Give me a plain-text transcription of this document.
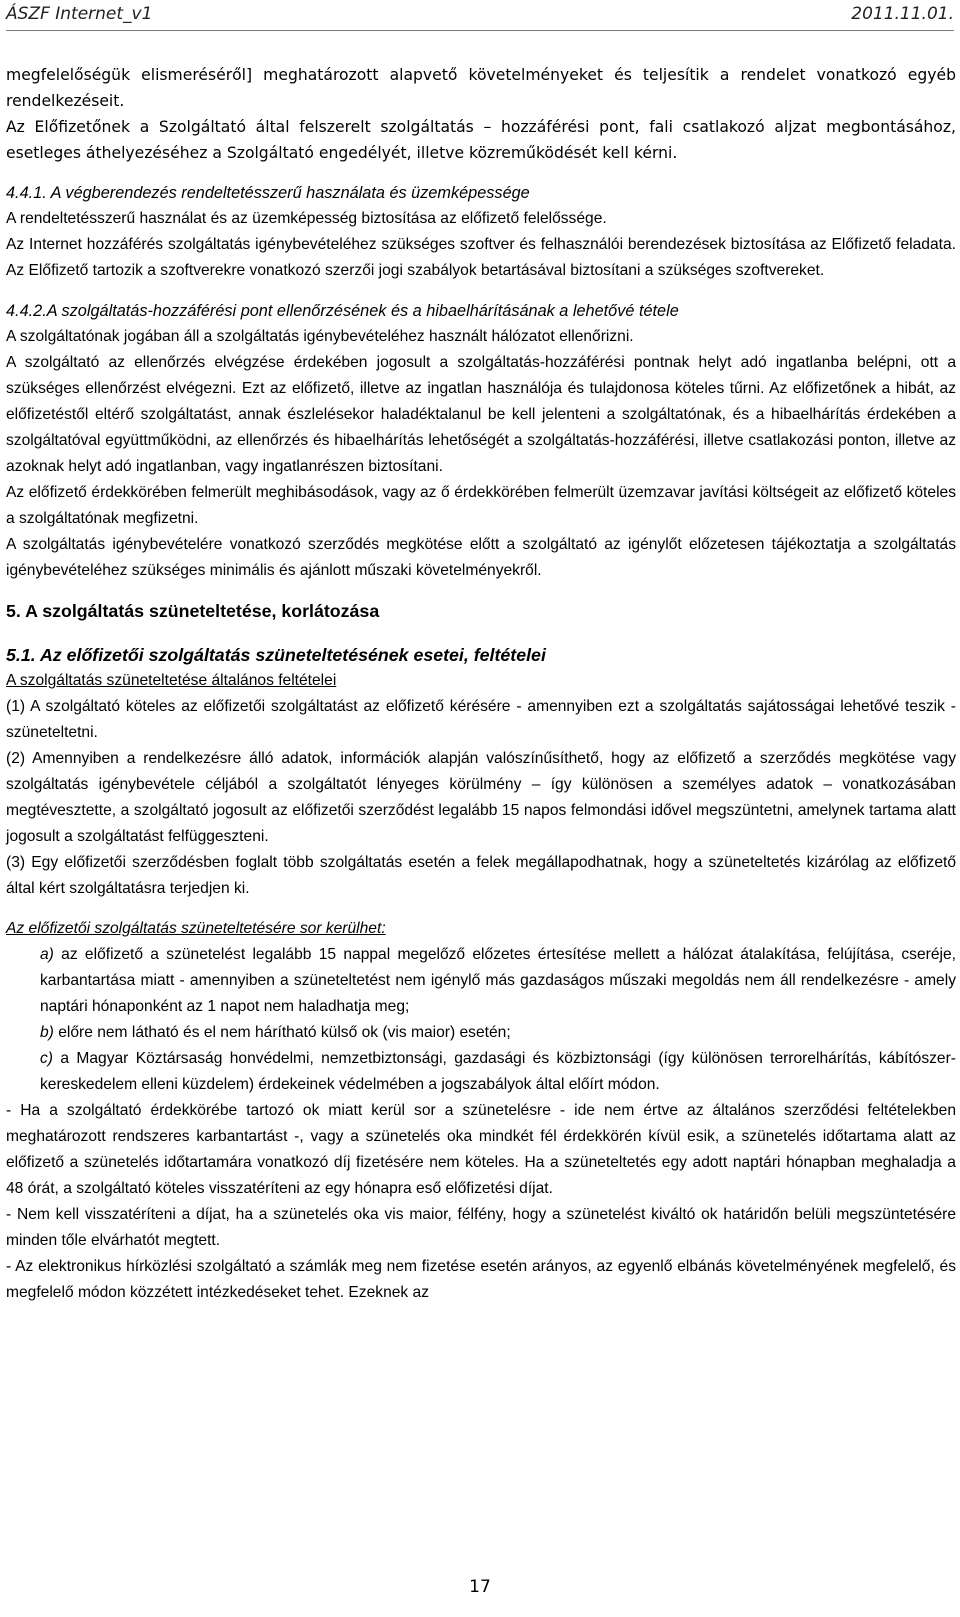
ÁSZF Internet_v1	2011.11.01.

megfelelőségük elismeréséről] meghatározott alapvető követelményeket és teljesítik a rendelet vonatkozó egyéb rendelkezéseit.

Az Előfizetőnek a Szolgáltató által felszerelt szolgáltatás – hozzáférési pont, fali csatlakozó aljzat megbontásához, esetleges áthelyezéséhez a Szolgáltató engedélyét, illetve közreműködését kell kérni.

4.4.1. A végberendezés rendeltetésszerű használata és üzemképessége

A rendeltetésszerű használat és az üzemképesség biztosítása az előfizető felelőssége.

Az Internet hozzáférés szolgáltatás igénybevételéhez szükséges szoftver és felhasználói berendezések biztosítása az Előfizető feladata. Az Előfizető tartozik a szoftverekre vonatkozó szerzői jogi szabályok betartásával biztosítani a szükséges szoftvereket.

4.4.2.A szolgáltatás-hozzáférési pont ellenőrzésének és a hibaelhárításának a lehetővé tétele

A szolgáltatónak jogában áll a szolgáltatás igénybevételéhez használt hálózatot ellenőrizni.

A szolgáltató az ellenőrzés elvégzése érdekében jogosult a szolgáltatás-hozzáférési pontnak helyt adó ingatlanba belépni, ott a szükséges ellenőrzést elvégezni. Ezt az előfizető, illetve az ingatlan használója és tulajdonosa köteles tűrni. Az előfizetőnek a hibát, az előfizetéstől eltérő szolgáltatást, annak észlelésekor haladéktalanul be kell jelenteni a szolgáltatónak, és a hibaelhárítás érdekében a szolgáltatóval együttműködni, az ellenőrzés és hibaelhárítás lehetőségét a szolgáltatás-hozzáférési, illetve csatlakozási ponton, illetve az azoknak helyt adó ingatlanban, vagy ingatlanrészen biztosítani.

Az előfizető érdekkörében felmerült meghibásodások, vagy az ő érdekkörében felmerült üzemzavar javítási költségeit az előfizető köteles a szolgáltatónak megfizetni.

A szolgáltatás igénybevételére vonatkozó szerződés megkötése előtt a szolgáltató az igénylőt előzetesen tájékoztatja a szolgáltatás igénybevételéhez szükséges minimális és ajánlott műszaki követelményekről.

5. A szolgáltatás szüneteltetése, korlátozása

5.1. Az előfizetői szolgáltatás szüneteltetésének esetei, feltételei

A szolgáltatás szüneteltetése általános feltételei

(1) A szolgáltató köteles az előfizetői szolgáltatást az előfizető kérésére - amennyiben ezt a szolgáltatás sajátosságai lehetővé teszik - szüneteltetni.

(2) Amennyiben a rendelkezésre álló adatok, információk alapján valószínűsíthető, hogy az előfizető a szerződés megkötése vagy szolgáltatás igénybevétele céljából a szolgáltatót lényeges körülmény – így különösen a személyes adatok – vonatkozásában megtévesztette, a szolgáltató jogosult az előfizetői szerződést legalább 15 napos felmondási idővel megszüntetni, amelynek tartama alatt jogosult a szolgáltatást felfüggeszteni.

(3) Egy előfizetői szerződésben foglalt több szolgáltatás esetén a felek megállapodhatnak, hogy a szüneteltetés kizárólag az előfizető által kért szolgáltatásra terjedjen ki.

Az előfizetői szolgáltatás szüneteltetésére sor kerülhet:

a) az előfizető a szünetelést legalább 15 nappal megelőző előzetes értesítése mellett a hálózat átalakítása, felújítása, cseréje, karbantartása miatt - amennyiben a szüneteltetést nem igénylő más gazdaságos műszaki megoldás nem áll rendelkezésre - amely naptári hónaponként az 1 napot nem haladhatja meg;

b) előre nem látható és el nem hárítható külső ok (vis maior) esetén;

c) a Magyar Köztársaság honvédelmi, nemzetbiztonsági, gazdasági és közbiztonsági (így különösen terrorelhárítás, kábítószer-kereskedelem elleni küzdelem) érdekeinek védelmében a jogszabályok által előírt módon.

- Ha a szolgáltató érdekkörébe tartozó ok miatt kerül sor a szünetelésre - ide nem értve az általános szerződési feltételekben meghatározott rendszeres karbantartást -, vagy a szünetelés oka mindkét fél érdekkörén kívül esik, a szünetelés időtartama alatt az előfizető a szünetelés időtartamára vonatkozó díj fizetésére nem köteles. Ha a szüneteltetés egy adott naptári hónapban meghaladja a 48 órát, a szolgáltató köteles visszatéríteni az egy hónapra eső előfizetési díjat.

- Nem kell visszatéríteni a díjat, ha a szünetelés oka vis maior, félfény, hogy a szünetelést kiváltó ok határidőn belüli megszüntetésére minden tőle elvárhatót megtett.

- Az elektronikus hírközlési szolgáltató a számlák meg nem fizetése esetén arányos, az egyenlő elbánás követelményének megfelelő, és megfelelő módon közzétett intézkedéseket tehet. Ezeknek az

17
